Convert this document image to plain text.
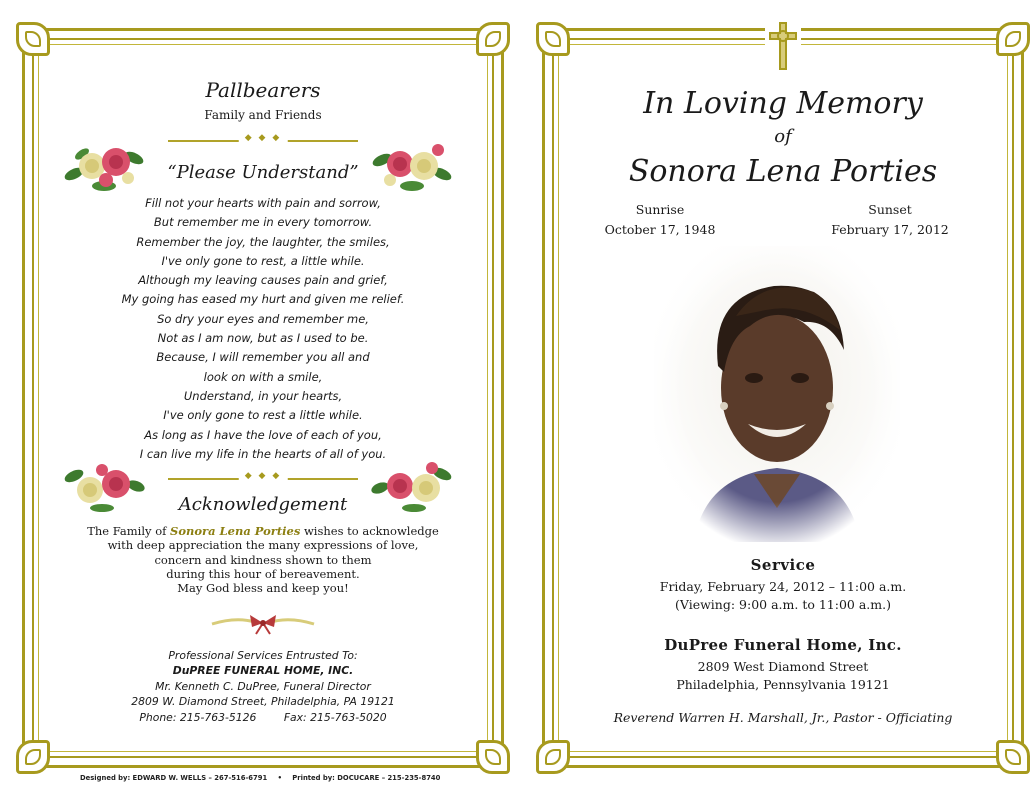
Pallbearers
Family and Friends
◆ ◆ ◆
“Please Understand”
Fill not your hearts with pain and sorrow,
But remember me in every tomorrow.
Remember the joy, the laughter, the smiles,
I've only gone to rest, a little while.
Although my leaving causes pain and grief,
My going has eased my hurt and given me relief.
So dry your eyes and remember me,
Not as I am now, but as I used to be.
Because, I will remember you all and
look on with a smile,
Understand, in your hearts,
I've only gone to rest a little while.
As long as I have the love of each of you,
I can live my life in the hearts of all of you.
◆ ◆ ◆
Acknowledgement
The Family of Sonora Lena Porties wishes to acknowledge
with deep appreciation the many expressions of love,
concern and kindness shown to them
during this hour of bereavement.
May God bless and keep you!
Professional Services Entrusted To:
DuPREE FUNERAL HOME, INC.
Mr. Kenneth C. DuPree, Funeral Director
2809 W. Diamond Street, Philadelphia, PA 19121
Phone: 215-763-5126	Fax: 215-763-5020
In Loving Memory
of
Sonora Lena Porties
Sunrise
October 17, 1948
Sunset
February 17, 2012
Service
Friday, February 24, 2012 – 11:00 a.m.
(Viewing: 9:00 a.m. to 11:00 a.m.)
DuPree Funeral Home, Inc.
2809 West Diamond Street
Philadelphia, Pennsylvania 19121
Reverend Warren H. Marshall, Jr., Pastor - Officiating
Designed by: EDWARD W. WELLS – 267-516-6791 • Printed by: DOCUCARE – 215-235-8740
